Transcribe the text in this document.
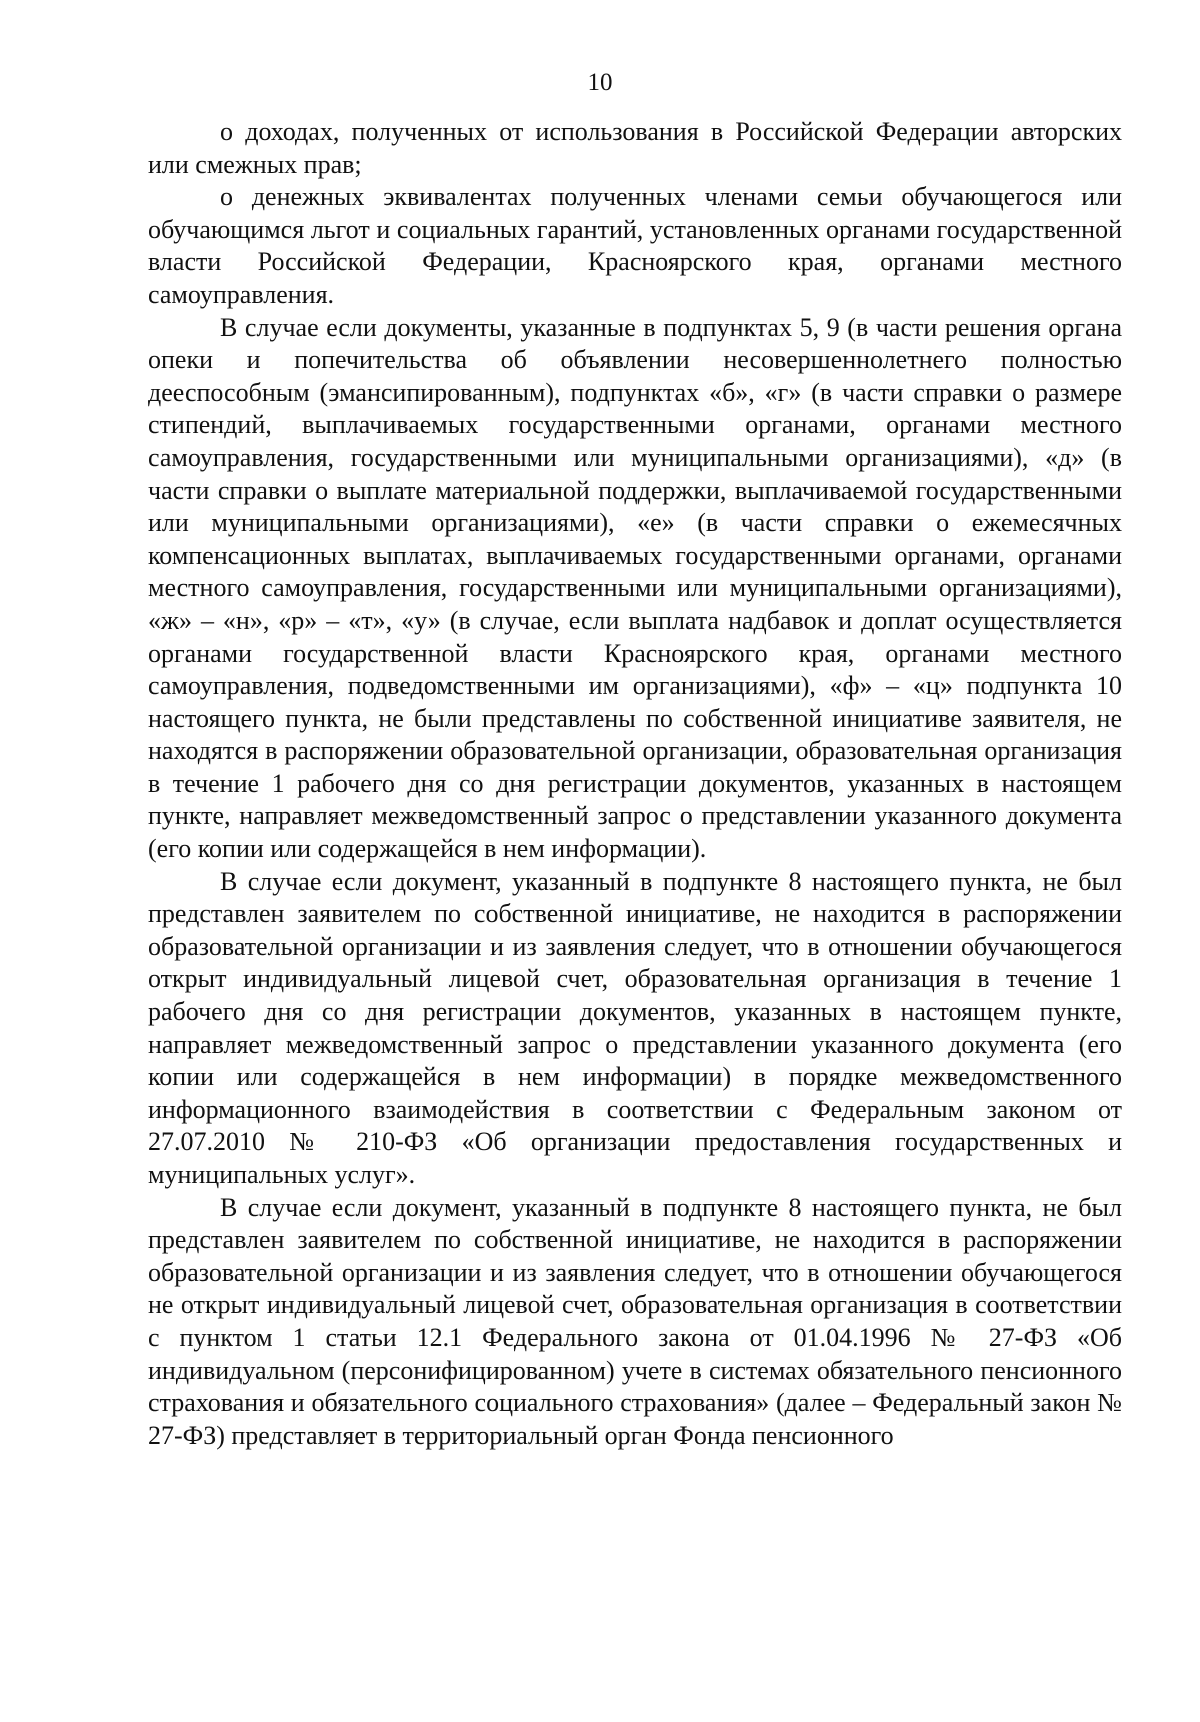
10

о доходах, полученных от использования в Российской Федерации авторских или смежных прав;

о денежных эквивалентах полученных членами семьи обучающегося или обучающимся льгот и социальных гарантий, установленных органами государственной власти Российской Федерации, Красноярского края, органами местного самоуправления.

В случае если документы, указанные в подпунктах 5, 9 (в части решения органа опеки и попечительства об объявлении несовершеннолетнего полностью дееспособным (эмансипированным), подпунктах «б», «г» (в части справки о размере стипендий, выплачиваемых государственными органами, органами местного самоуправления, государственными или муниципальными организациями), «д» (в части справки о выплате материальной поддержки, выплачиваемой государственными или муниципальными организациями), «е» (в части справки о ежемесячных компенсационных выплатах, выплачиваемых государственными органами, органами местного самоуправления, государственными или муниципальными организациями), «ж» – «н», «р» – «т», «у» (в случае, если выплата надбавок и доплат осуществляется органами государственной власти Красноярского края, органами местного самоуправления, подведомственными им организациями), «ф» – «ц» подпункта 10 настоящего пункта, не были представлены по собственной инициативе заявителя, не находятся в распоряжении образовательной организации, образовательная организация в течение 1 рабочего дня со дня регистрации документов, указанных в настоящем пункте, направляет межведомственный запрос о представлении указанного документа (его копии или содержащейся в нем информации).

В случае если документ, указанный в подпункте 8 настоящего пункта, не был представлен заявителем по собственной инициативе, не находится в распоряжении образовательной организации и из заявления следует, что в отношении обучающегося открыт индивидуальный лицевой счет, образовательная организация в течение 1 рабочего дня со дня регистрации документов, указанных в настоящем пункте, направляет межведомственный запрос о представлении указанного документа (его копии или содержащейся в нем информации) в порядке межведомственного информационного взаимодействия в соответствии с Федеральным законом от 27.07.2010 № 210-ФЗ «Об организации предоставления государственных и муниципальных услуг».

В случае если документ, указанный в подпункте 8 настоящего пункта, не был представлен заявителем по собственной инициативе, не находится в распоряжении образовательной организации и из заявления следует, что в отношении обучающегося не открыт индивидуальный лицевой счет, образовательная организация в соответствии с пунктом 1 статьи 12.1 Федерального закона от 01.04.1996 № 27-ФЗ «Об индивидуальном (персонифицированном) учете в системах обязательного пенсионного страхования и обязательного социального страхования» (далее – Федеральный закон № 27-ФЗ) представляет в территориальный орган Фонда пенсионного
